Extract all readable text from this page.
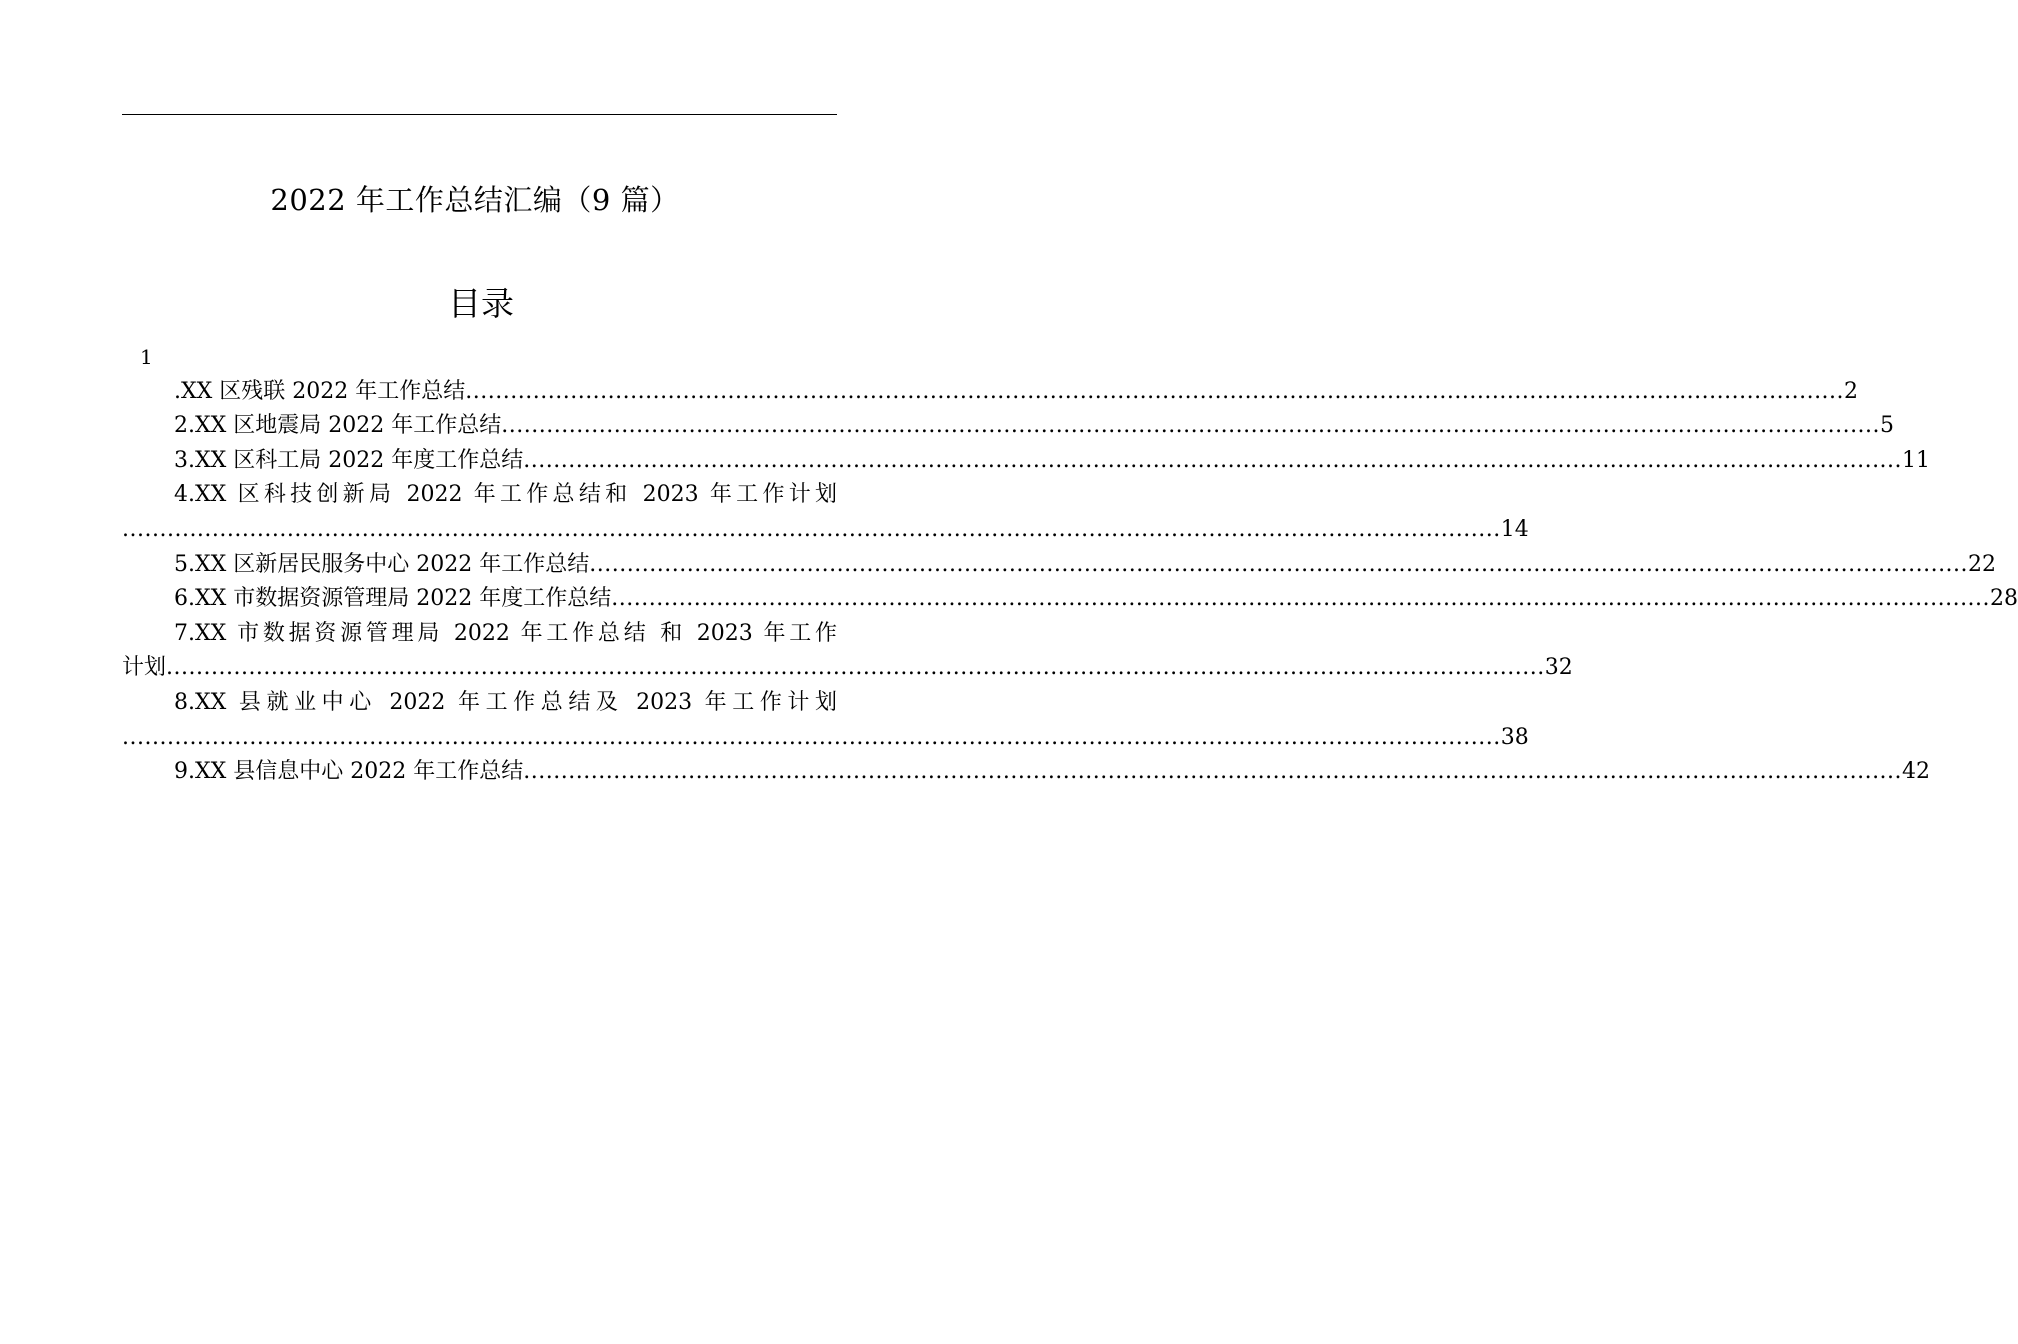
2022 年工作总结汇编（9 篇）
目录
1
.XX 区残联 2022 年工作总结 ........................................................................................................................................................................................ 2
2.XX 区地震局 2022 年工作总结 ........................................................................................................................................................................................ 5
3.XX 区科工局 2022 年度工作总结 ........................................................................................................................................................................................ 11
4.XX 区科技创新局 2022 年工作总结和 2023 年工作计划
........................................................................................................................................................................................ 14
5.XX 区新居民服务中心 2022 年工作总结 ........................................................................................................................................................................................ 22
6.XX 市数据资源管理局 2022 年度工作总结 ........................................................................................................................................................................................ 28
7.XX 市数据资源管理局 2022 年工作总结 和 2023 年工作
计划 ........................................................................................................................................................................................ 32
8.XX 县就业中心 2022 年工作总结及 2023 年工作计划
........................................................................................................................................................................................ 38
9.XX 县信息中心 2022 年工作总结 ........................................................................................................................................................................................ 42
